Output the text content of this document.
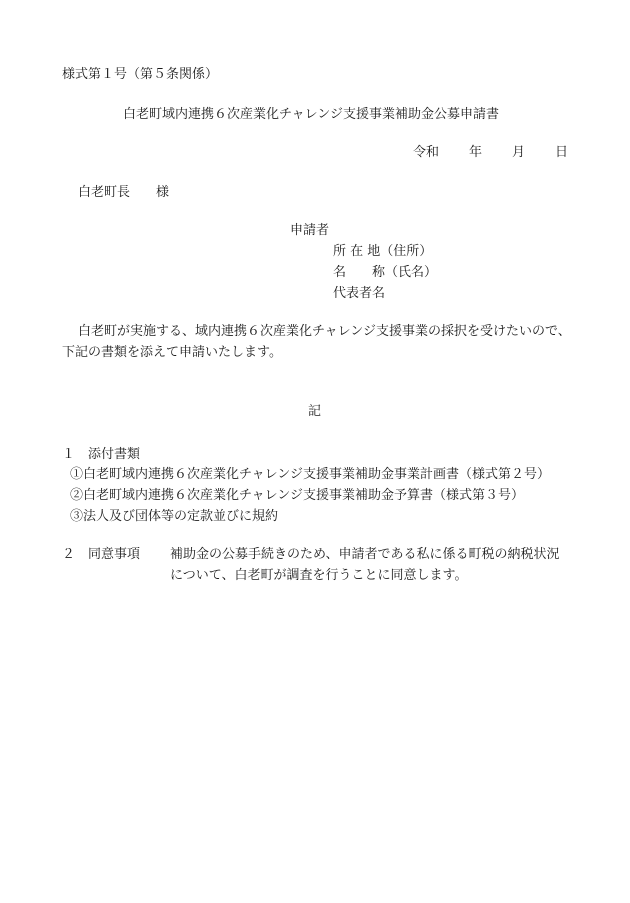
様式第１号（第５条関係）
白老町域内連携６次産業化チャレンジ支援事業補助金公募申請書
令和 年 月 日
白老町長　　様
申請者
所 在 地（住所）
名　　称（氏名）
代表者名
白老町が実施する、域内連携６次産業化チャレンジ支援事業の採択を受けたいので、
下記の書類を添えて申請いたします。
記
１　添付書類
①白老町域内連携６次産業化チャレンジ支援事業補助金事業計画書（様式第２号）
②白老町域内連携６次産業化チャレンジ支援事業補助金予算書（様式第３号）
③法人及び団体等の定款並びに規約
２　同意事項 補助金の公募手続きのため、申請者である私に係る町税の納税状況
について、白老町が調査を行うことに同意します。
